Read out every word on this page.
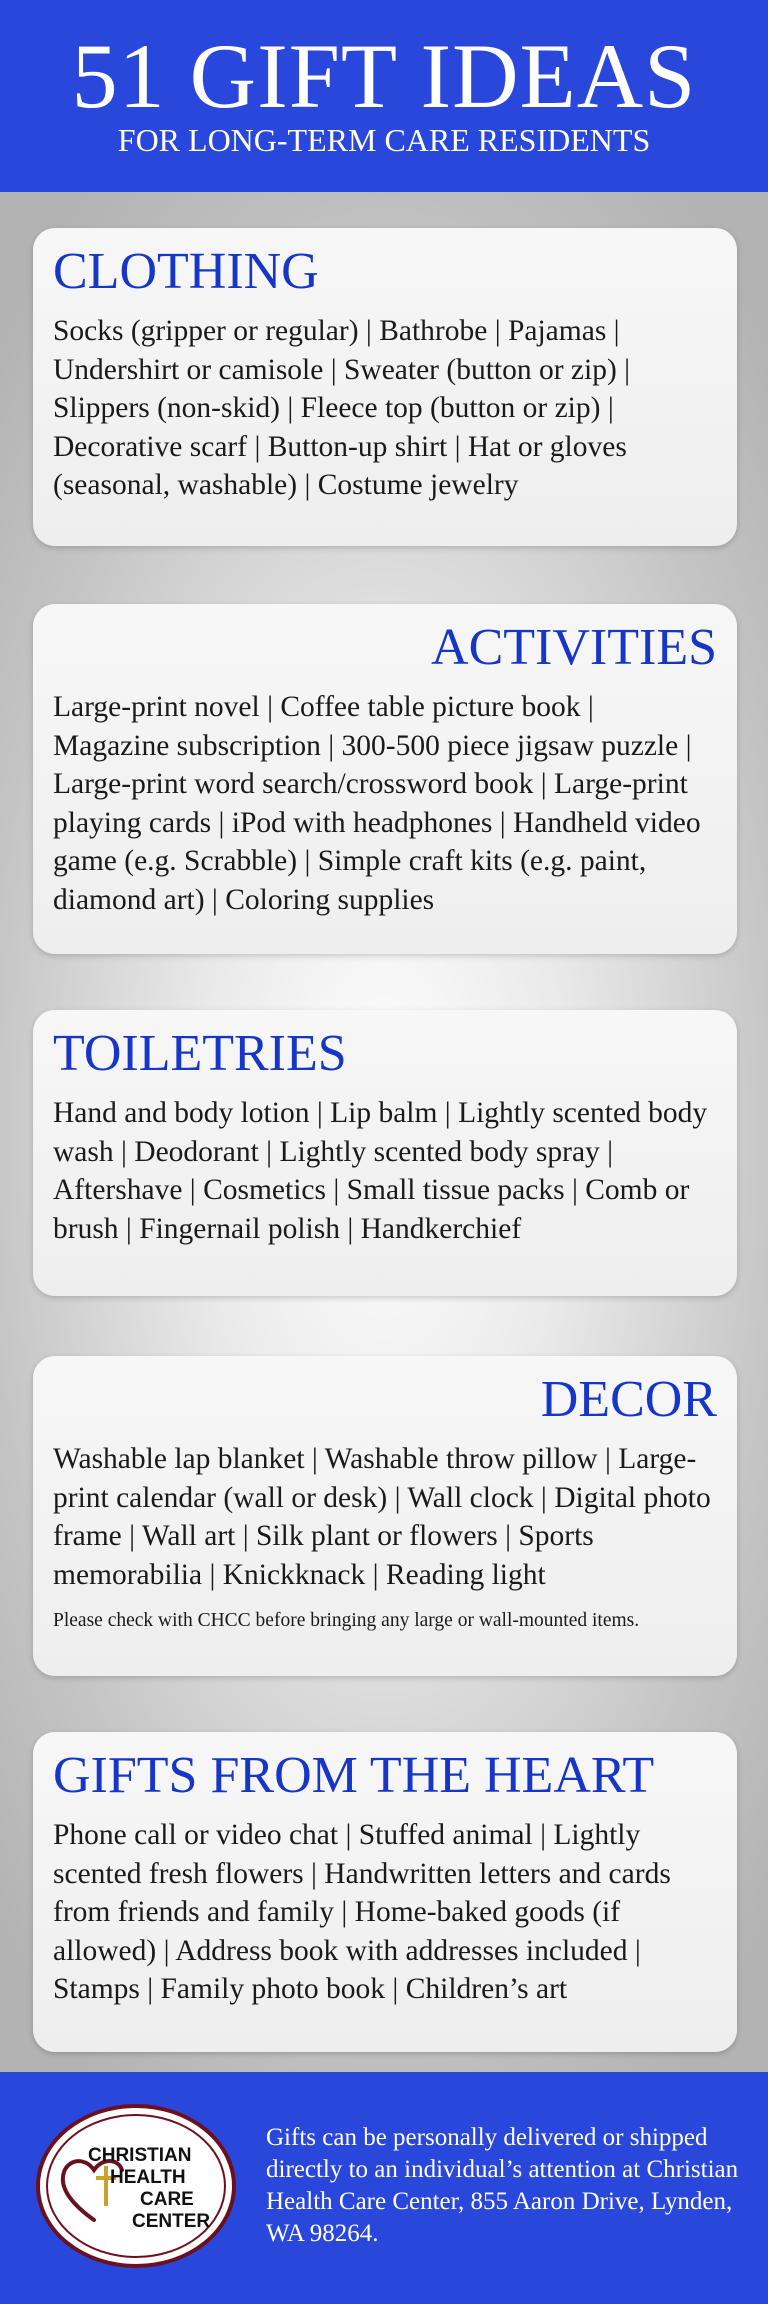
51 GIFT IDEAS
FOR LONG-TERM CARE RESIDENTS
CLOTHING

Socks (gripper or regular) | Bathrobe | Pajamas | Undershirt or camisole | Sweater (button or zip) | Slippers (non-skid) | Fleece top (button or zip) | Decorative scarf | Button-up shirt | Hat or gloves (seasonal, washable) | Costume jewelry

ACTIVITIES

Large-print novel | Coffee table picture book | Magazine subscription | 300-500 piece jigsaw puzzle | Large-print word search/crossword book | Large-print playing cards | iPod with headphones | Handheld video game (e.g. Scrabble) | Simple craft kits (e.g. paint, diamond art) | Coloring supplies

TOILETRIES

Hand and body lotion | Lip balm | Lightly scented body wash | Deodorant | Lightly scented body spray | Aftershave | Cosmetics | Small tissue packs | Comb or brush | Fingernail polish | Handkerchief

DECOR

Washable lap blanket | Washable throw pillow | Large-print calendar (wall or desk) | Wall clock | Digital photo frame | Wall art | Silk plant or flowers | Sports memorabilia | Knickknack | Reading light

Please check with CHCC before bringing any large or wall-mounted items.

GIFTS FROM THE HEART

Phone call or video chat | Stuffed animal | Lightly scented fresh flowers | Handwritten letters and cards from friends and family | Home-baked goods (if allowed) | Address book with addresses included | Stamps | Family photo book | Children’s art

CHRISTIAN
HEALTH
CARE
CENTER
Gifts can be personally delivered or shipped directly to an individual’s attention at Christian Health Care Center, 855 Aaron Drive, Lynden, WA 98264.
